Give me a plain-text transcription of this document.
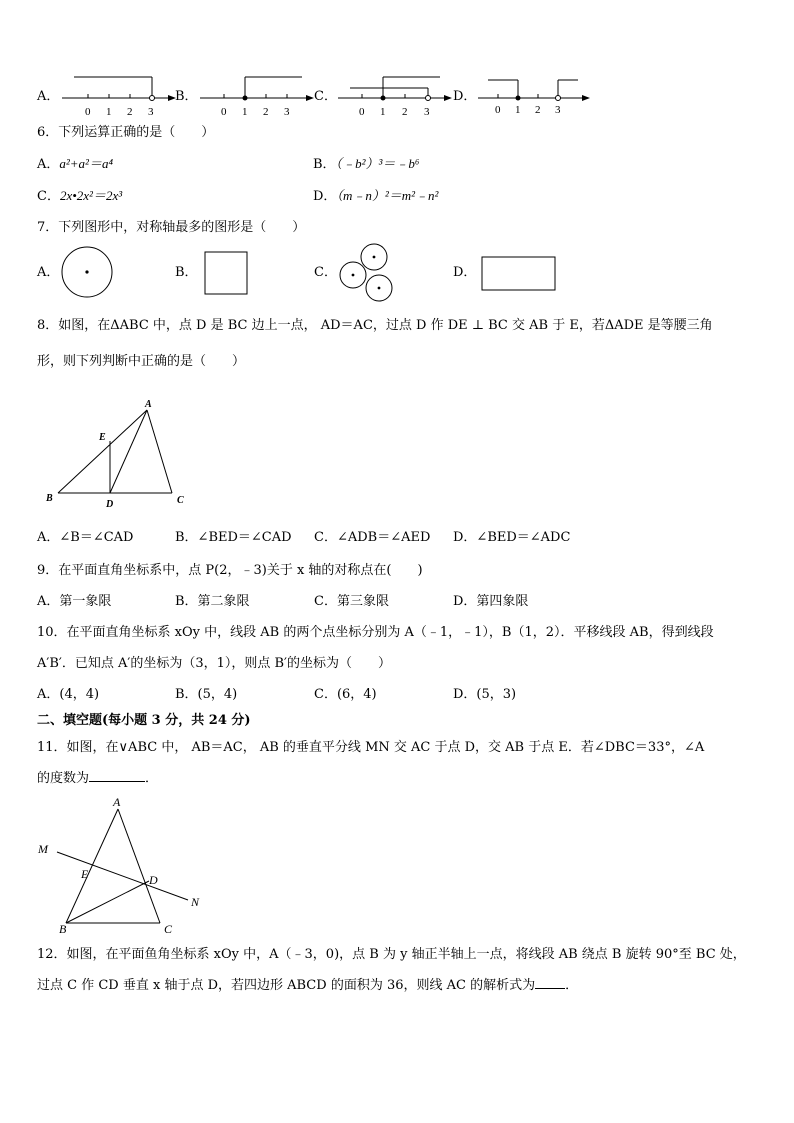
A．
0 1 2 3
B．
0 1 2 3
C．
0 1 2 3
D．
0 1 2 3
6．下列运算正确的是（　　）
A．a²+a²＝a⁴	B．（﹣b²）³＝﹣b⁶
C．2x•2x²＝2x³	D．（m﹣n）²＝m²﹣n²
7．下列图形中，对称轴最多的图形是（　　）
A．	B．	C．	D．
8．如图，在ΔABC 中，点 D 是 BC 边上一点， AD＝AC，过点 D 作 DE ⊥ BC 交 AB 于 E，若ΔADE 是等腰三角
形，则下列判断中正确的是（　　）
A
B	C
D
E
A．∠B＝∠CAD	B．∠BED＝∠CAD C．∠ADB＝∠AED D．∠BED＝∠ADC
9．在平面直角坐标系中，点 P(2，﹣3)关于 x 轴的对称点在(　　)
A．第一象限	B．第二象限	C．第三象限	D．第四象限
10．在平面直角坐标系 xOy 中，线段 AB 的两个点坐标分别为 A（﹣1，﹣1），B（1，2）．平移线段 AB，得到线段
A′B′．已知点 A′的坐标为（3，1），则点 B′的坐标为（　　）
A．(4，4)	B．(5，4)	C．(6，4)	D．(5，3)
二、填空题(每小题 3 分，共 24 分)
11．如图，在∨ABC 中， AB＝AC， AB 的垂直平分线 MN 交 AC 于点 D，交 AB 于点 E．若∠DBC＝33°，∠A
的度数为	．
A
B	C
D
E
M
N
12．如图，在平面鱼角坐标系 xOy 中，A（﹣3，0)，点 B 为 y 轴正半轴上一点，将线段 AB 绕点 B 旋转 90°至 BC 处，
过点 C 作 CD 垂直 x 轴于点 D，若四边形 ABCD 的面积为 36，则线 AC 的解析式为 ．
